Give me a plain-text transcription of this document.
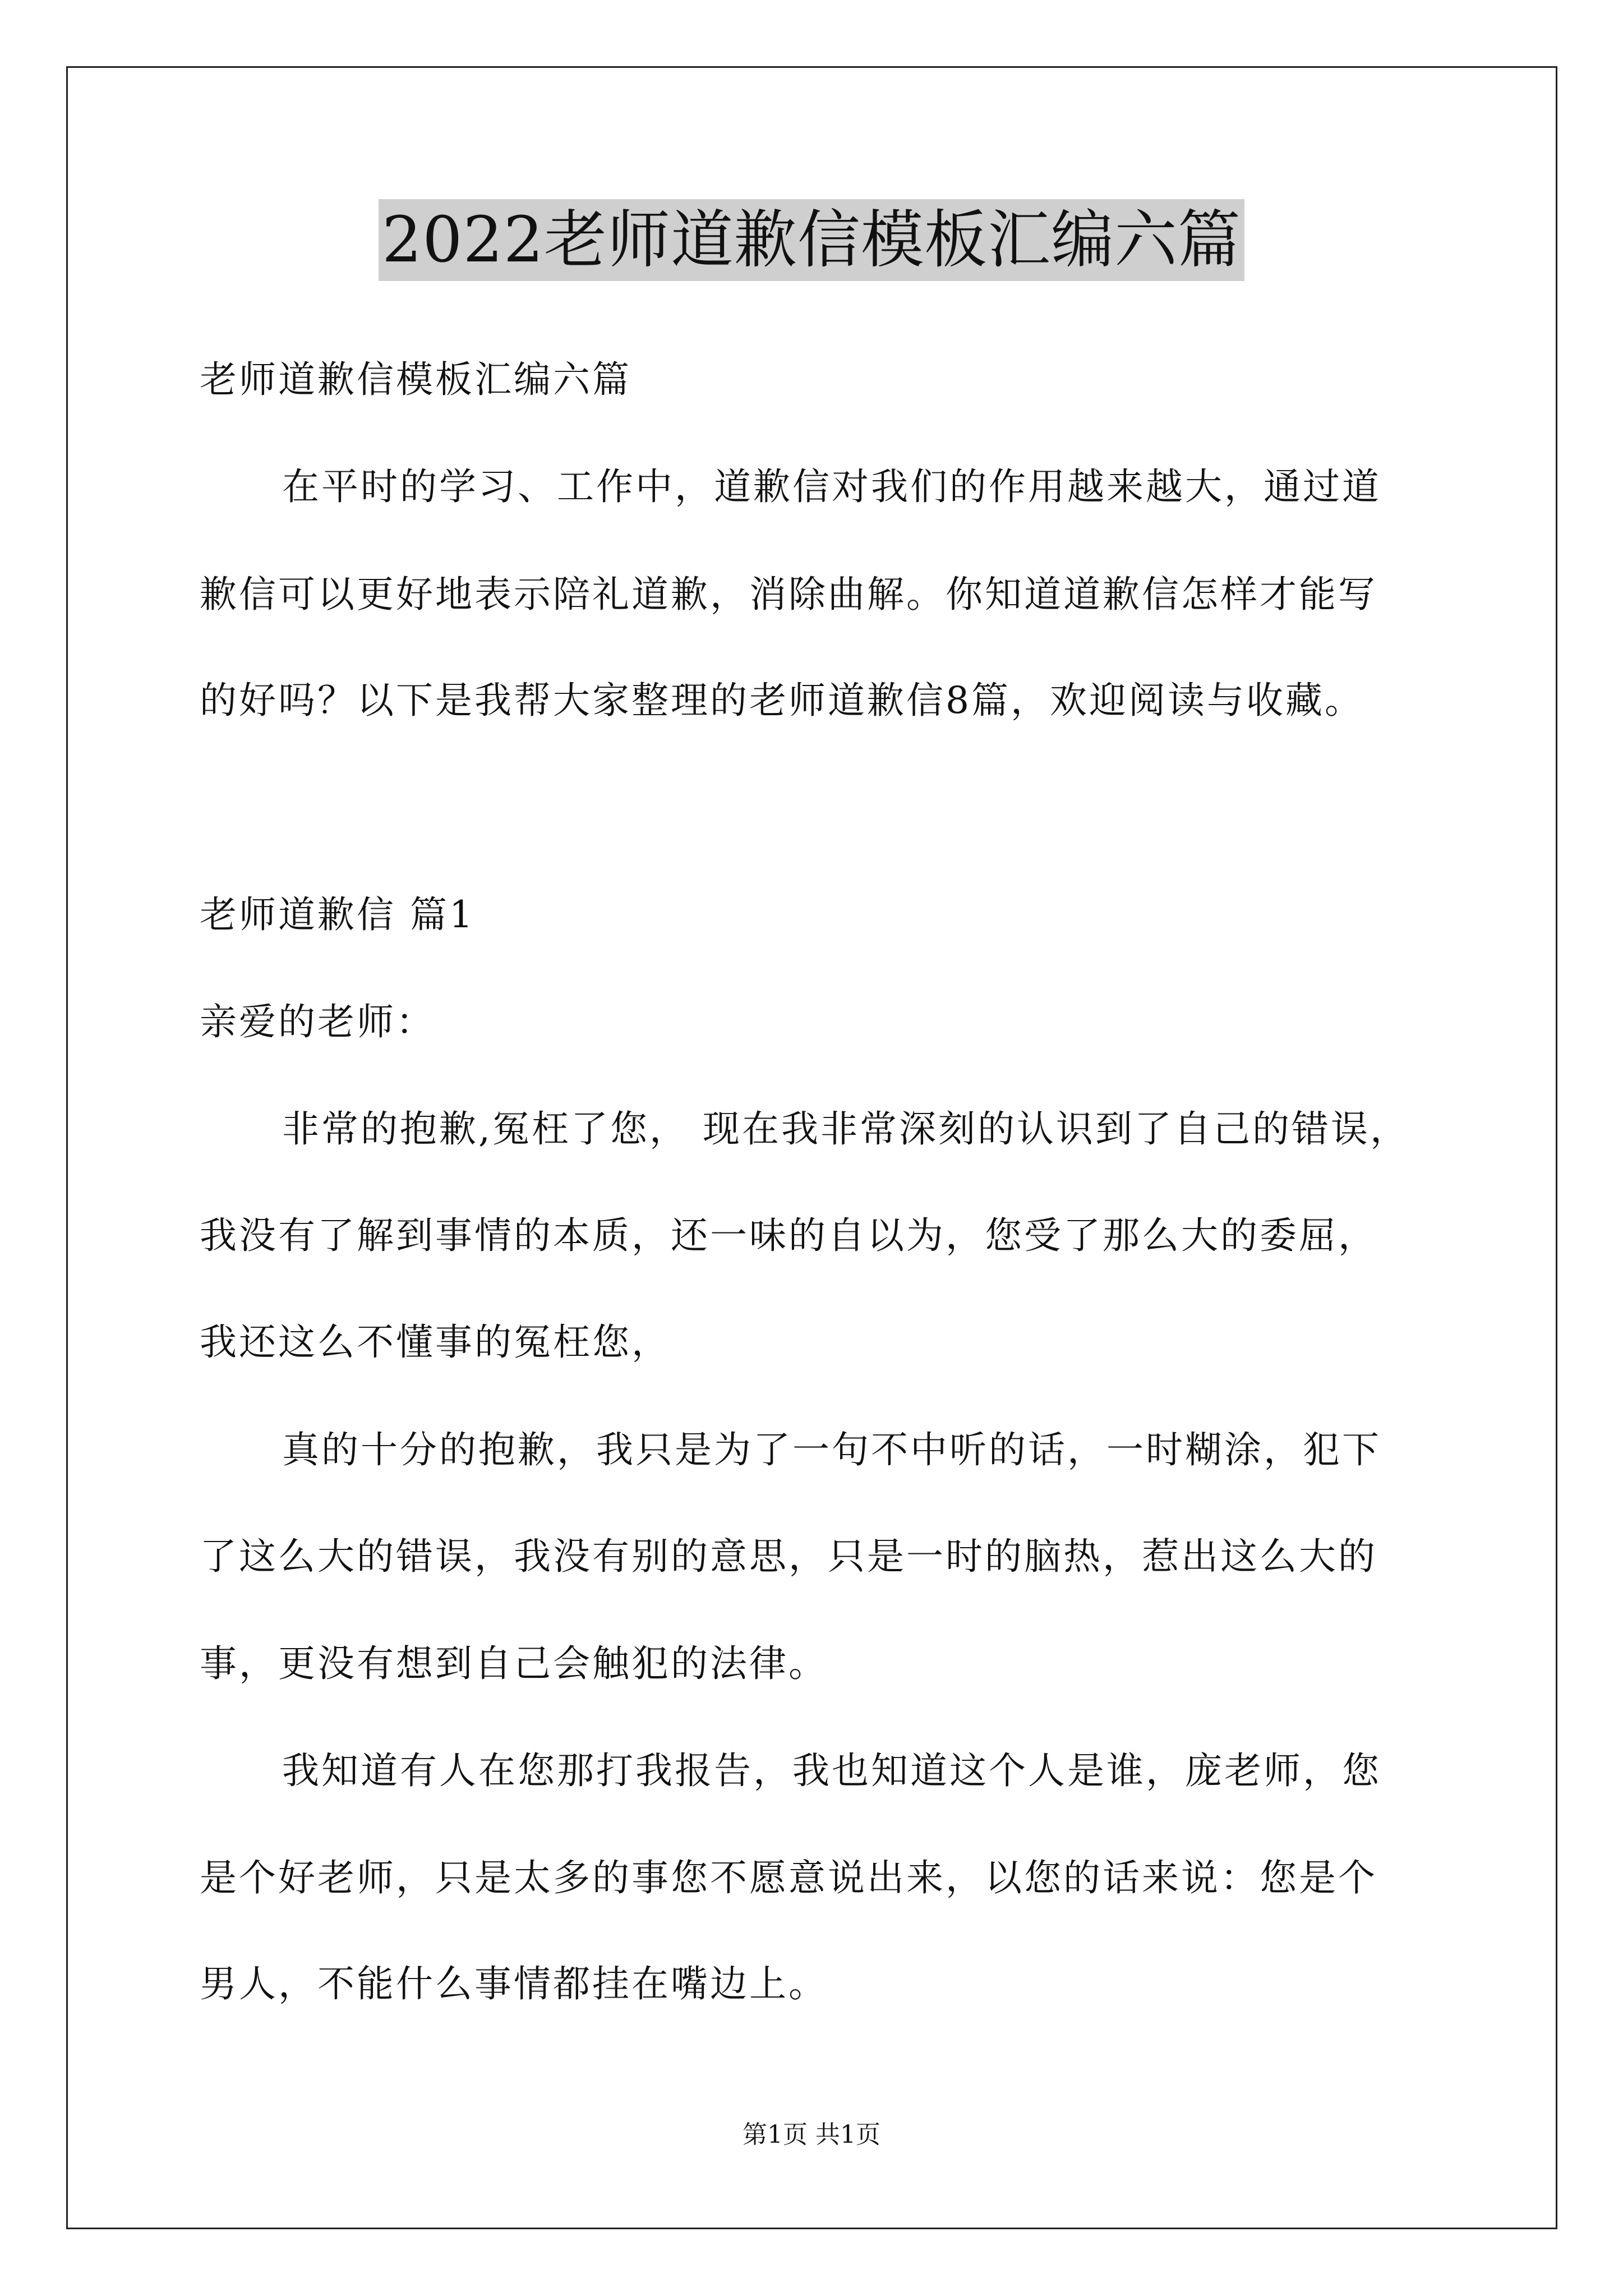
2022老师道歉信模板汇编六篇
老师道歉信模板汇编六篇
在平时的学习、工作中，道歉信对我们的作用越来越大，通过道
歉信可以更好地表示陪礼道歉，消除曲解。你知道道歉信怎样才能写
的好吗？以下是我帮大家整理的老师道歉信8篇，欢迎阅读与收藏。
老师道歉信 篇1
亲爱的老师：
非常的抱歉,冤枉了您， 现在我非常深刻的认识到了自己的错误，
我没有了解到事情的本质，还一味的自以为，您受了那么大的委屈，
我还这么不懂事的冤枉您，
真的十分的抱歉，我只是为了一句不中听的话，一时糊涂，犯下
了这么大的错误，我没有别的意思，只是一时的脑热，惹出这么大的
事，更没有想到自己会触犯的法律。
我知道有人在您那打我报告，我也知道这个人是谁，庞老师，您
是个好老师，只是太多的事您不愿意说出来，以您的话来说：您是个
男人，不能什么事情都挂在嘴边上。
第1页 共1页
